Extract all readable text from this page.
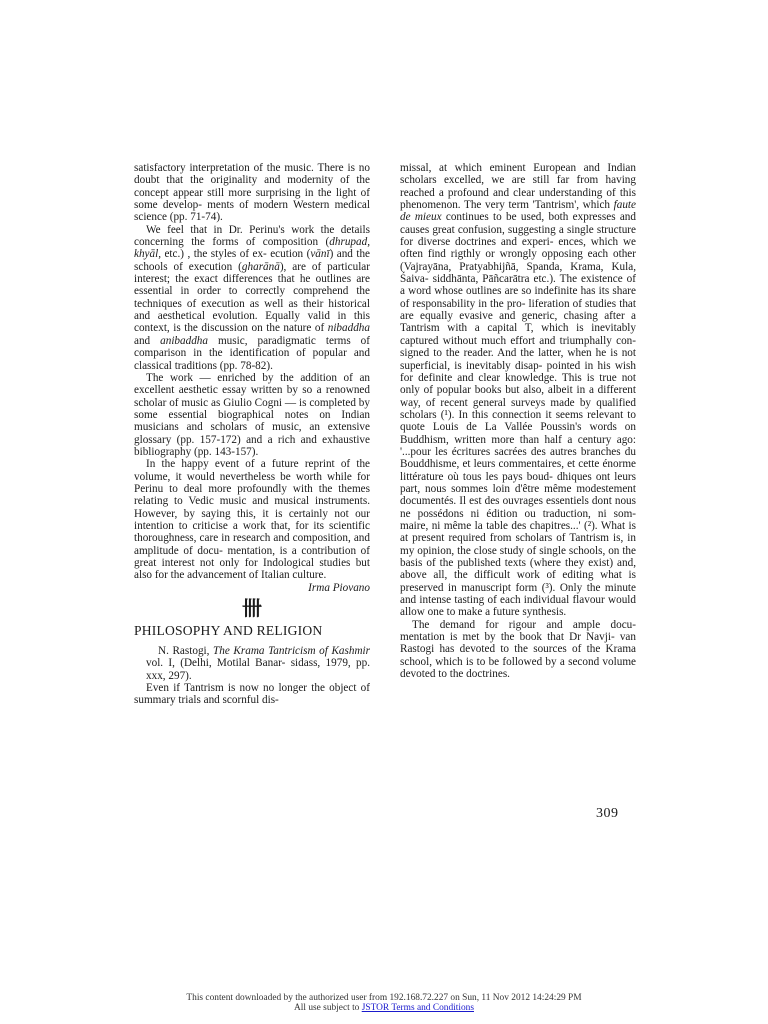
satisfactory interpretation of the music. There is no doubt that the originality and modernity of the concept appear still more surprising in the light of some develop- ments of modern Western medical science (pp. 71-74).

We feel that in Dr. Perinu's work the details concerning the forms of composition (dhrupad, khyāl, etc.) , the styles of ex- ecution (vānī) and the schools of execution (gharānā), are of particular interest; the exact differences that he outlines are essential in order to correctly comprehend the techniques of execution as well as their historical and aesthetical evolution. Equally valid in this context, is the discussion on the nature of nibaddha and anibaddha music, paradigmatic terms of comparison in the identification of popular and classical traditions (pp. 78-82).

The work — enriched by the addition of an excellent aesthetic essay written by so a renowned scholar of music as Giulio Cogni — is completed by some essential biographical notes on Indian musicians and scholars of music, an extensive glossary (pp. 157-172) and a rich and exhaustive bibliography (pp. 143-157).

In the happy event of a future reprint of the volume, it would nevertheless be worth while for Perinu to deal more profoundly with the themes relating to Vedic music and musical instruments. However, by saying this, it is certainly not our intention to criticise a work that, for its scientific thoroughness, care in research and composition, and amplitude of docu- mentation, is a contribution of great interest not only for Indological studies but also for the advancement of Italian culture.

Irma Piovano

卌
PHILOSOPHY AND RELIGION

N. Rastogi, The Krama Tantricism of Kashmir vol. I, (Delhi, Motilal Banar- sidass, 1979, pp. xxx, 297).

Even if Tantrism is now no longer the object of summary trials and scornful dis-

missal, at which eminent European and Indian scholars excelled, we are still far from having reached a profound and clear understanding of this phenomenon. The very term 'Tantrism', which faute de mieux continues to be used, both expresses and causes great confusion, suggesting a single structure for diverse doctrines and experi- ences, which we often find rigthly or wrongly opposing each other (Vajrayāna, Pratyabhijñā, Spanda, Krama, Kula, Śaiva- siddhānta, Pāñcarātra etc.). The existence of a word whose outlines are so indefinite has its share of responsability in the pro- liferation of studies that are equally evasive and generic, chasing after a Tantrism with a capital T, which is inevitably captured without much effort and triumphally con- signed to the reader. And the latter, when he is not superficial, is inevitably disap- pointed in his wish for definite and clear knowledge. This is true not only of popular books but also, albeit in a different way, of recent general surveys made by qualified scholars (¹). In this connection it seems relevant to quote Louis de La Vallée Poussin's words on Buddhism, written more than half a century ago: '...pour les écritures sacrées des autres branches du Bouddhisme, et leurs commentaires, et cette énorme littérature où tous les pays boud- dhiques ont leurs part, nous sommes loin d'être même modestement documentés. Il est des ouvrages essentiels dont nous ne possédons ni édition ou traduction, ni som- maire, ni même la table des chapitres...' (²). What is at present required from scholars of Tantrism is, in my opinion, the close study of single schools, on the basis of the published texts (where they exist) and, above all, the difficult work of editing what is preserved in manuscript form (³). Only the minute and intense tasting of each individual flavour would allow one to make a future synthesis.

The demand for rigour and ample docu- mentation is met by the book that Dr Navji- van Rastogi has devoted to the sources of the Krama school, which is to be followed by a second volume devoted to the doctrines.

309
This content downloaded by the authorized user from 192.168.72.227 on Sun, 11 Nov 2012 14:24:29 PM
All use subject to JSTOR Terms and Conditions
